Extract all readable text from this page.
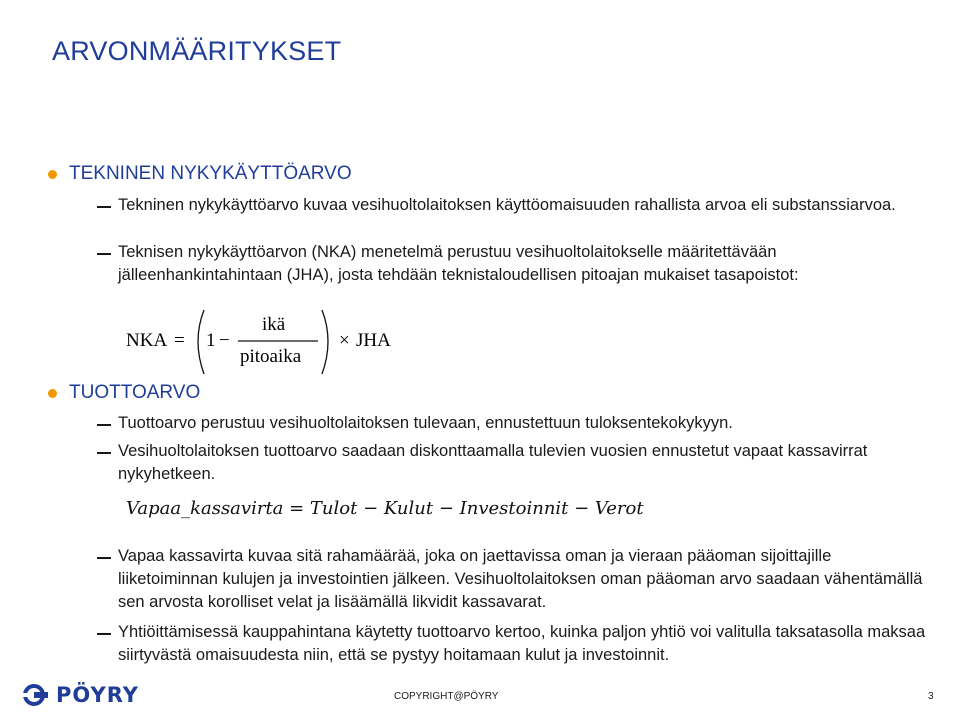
ARVONMÄÄRITYKSET
TEKNINEN NYKYKÄYTTÖARVO
Tekninen nykykäyttöarvo kuvaa vesihuoltolaitoksen käyttöomaisuuden rahallista arvoa eli substanssiarvoa.
Teknisen nykykäyttöarvon (NKA) menetelmä perustuu vesihuoltolaitokselle määritettävään jälleenhankintahintaan (JHA), josta tehdään teknistaloudellisen pitoajan mukaiset tasapoistot:
NKA = 1 −
ikä
pitoaika
× JHA
TUOTTOARVO
Tuottoarvo perustuu vesihuoltolaitoksen tulevaan, ennustettuun tuloksentekokykyyn.
Vesihuoltolaitoksen tuottoarvo saadaan diskonttaamalla tulevien vuosien ennustetut vapaat kassavirrat nykyhetkeen.
Vapaa_kassavirta = Tulot − Kulut − Investoinnit − Verot
Vapaa kassavirta kuvaa sitä rahamäärää, joka on jaettavissa oman ja vieraan pääoman sijoittajille liiketoiminnan kulujen ja investointien jälkeen. Vesihuoltolaitoksen oman pääoman arvo saadaan vähentämällä sen arvosta korolliset velat ja lisäämällä likvidit kassavarat.
Yhtiöittämisessä kauppahintana käytetty tuottoarvo kertoo, kuinka paljon yhtiö voi valitulla taksatasolla maksaa siirtyvästä omaisuudesta niin, että se pystyy hoitamaan kulut ja investoinnit.
PÖYRY	COPYRIGHT@PÖYRY	3
